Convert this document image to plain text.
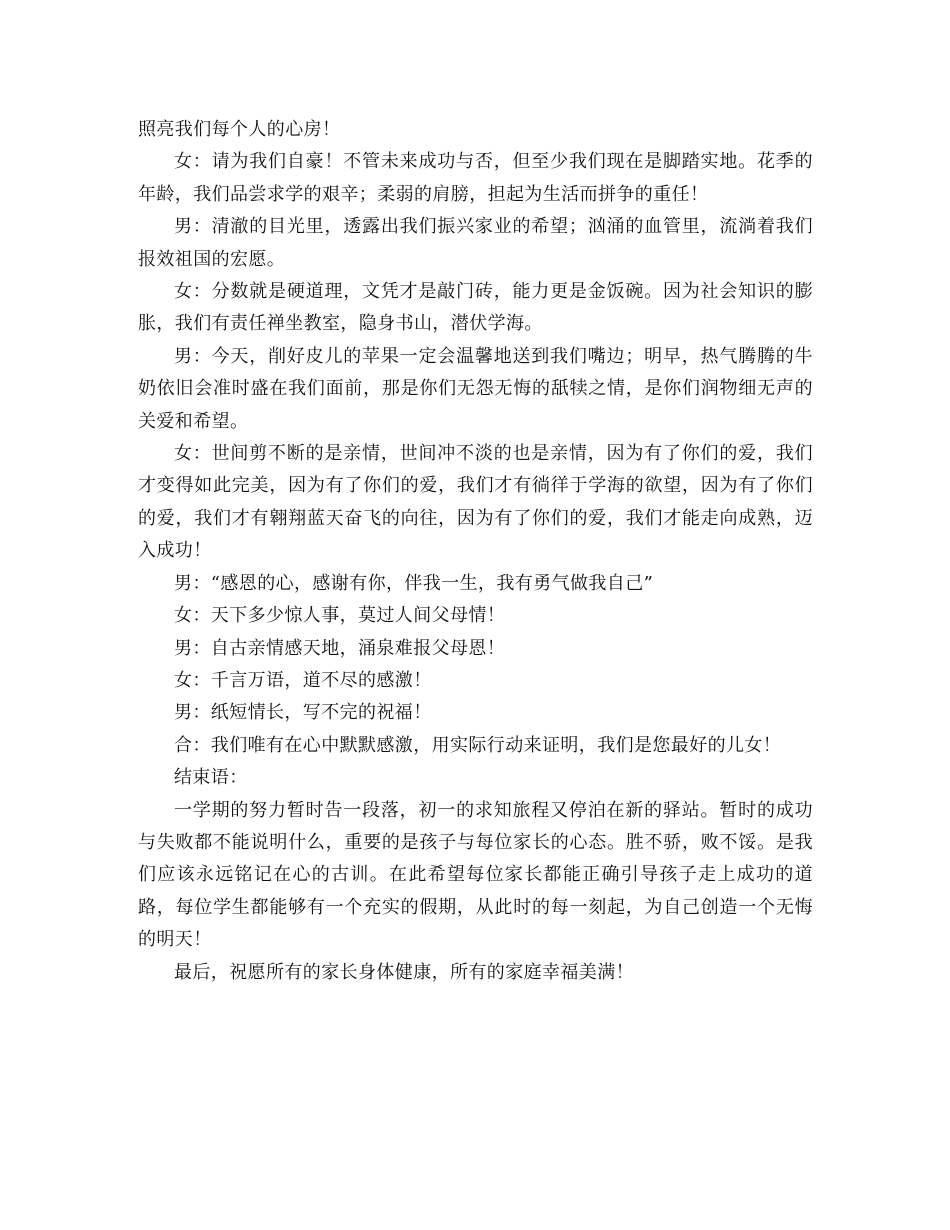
照亮我们每个人的心房！

女：请为我们自豪！不管未来成功与否，但至少我们现在是脚踏实地。花季的年龄，我们品尝求学的艰辛；柔弱的肩膀，担起为生活而拼争的重任！

男：清澈的目光里，透露出我们振兴家业的希望；汹涌的血管里，流淌着我们报效祖国的宏愿。

女：分数就是硬道理，文凭才是敲门砖，能力更是金饭碗。因为社会知识的膨胀，我们有责任禅坐教室，隐身书山，潜伏学海。

男：今天，削好皮儿的苹果一定会温馨地送到我们嘴边；明早，热气腾腾的牛奶依旧会准时盛在我们面前，那是你们无怨无悔的舐犊之情，是你们润物细无声的关爱和希望。

女：世间剪不断的是亲情，世间冲不淡的也是亲情，因为有了你们的爱，我们才变得如此完美，因为有了你们的爱，我们才有徜徉于学海的欲望，因为有了你们的爱，我们才有翱翔蓝天奋飞的向往，因为有了你们的爱，我们才能走向成熟，迈入成功！

男：“感恩的心，感谢有你，伴我一生，我有勇气做我自己”

女：天下多少惊人事，莫过人间父母情！

男：自古亲情感天地，涌泉难报父母恩！

女：千言万语，道不尽的感激！

男：纸短情长，写不完的祝福！

合：我们唯有在心中默默感激，用实际行动来证明，我们是您最好的儿女！

结束语：

一学期的努力暂时告一段落，初一的求知旅程又停泊在新的驿站。暂时的成功与失败都不能说明什么，重要的是孩子与每位家长的心态。胜不骄，败不馁。是我们应该永远铭记在心的古训。在此希望每位家长都能正确引导孩子走上成功的道路，每位学生都能够有一个充实的假期，从此时的每一刻起，为自己创造一个无悔的明天！

最后，祝愿所有的家长身体健康，所有的家庭幸福美满！
